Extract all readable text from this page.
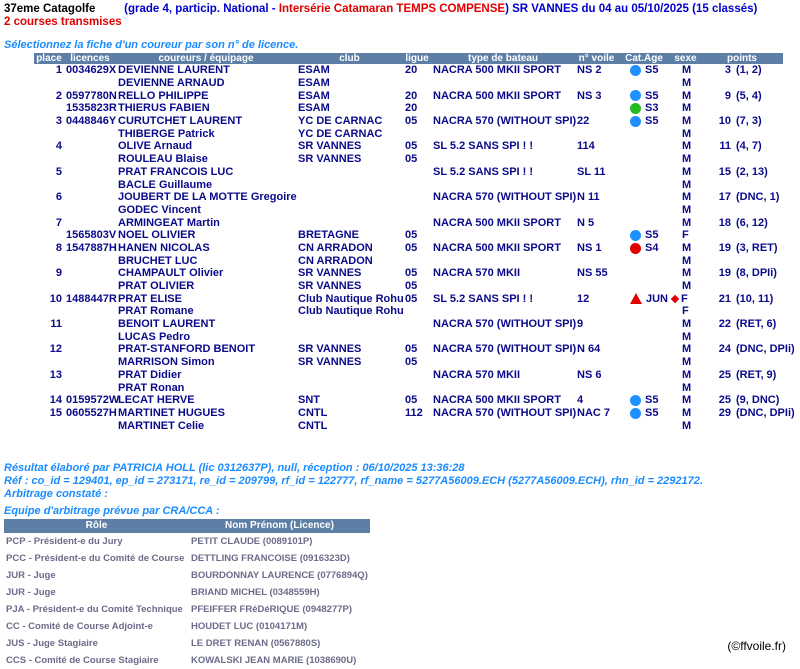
37eme Catagolfe	(grade 4, particip. National - Intersérie Catamaran TEMPS COMPENSE) SR VANNES du 04 au 05/10/2025 (15 classés)
2 courses transmises
Sélectionnez la fiche d'un coureur par son n° de licence.
place	licences	coureurs / équipage	club	ligue	type de bateau	n° voile	Cat.Age	sexe	points
1	0034629X	DEVIENNE LAURENT	ESAM	20	NACRA 500 MKII SPORT	NS 2	S5	M	3 (1, 2)
		DEVIENNE ARNAUD	ESAM					M	
2	0597780N	RELLO PHILIPPE	ESAM	20	NACRA 500 MKII SPORT	NS 3	S5	M	9 (5, 4)
	1535823R	THIERUS FABIEN	ESAM	20			S3	M	
3	0448846Y	CURUTCHET LAURENT	YC DE CARNAC	05	NACRA 570 (WITHOUT SPI)	22	S5	M	10 (7, 3)
		THIBERGE Patrick	YC DE CARNAC					M	
4		OLIVE Arnaud	SR VANNES	05	SL 5.2 SANS SPI ! !	114		M	11 (4, 7)
		ROULEAU Blaise	SR VANNES	05				M	
5		PRAT FRANCOIS LUC			SL 5.2 SANS SPI ! !	SL 11		M	15 (2, 13)
		BACLE Guillaume						M	
6		JOUBERT DE LA MOTTE Gregoire			NACRA 570 (WITHOUT SPI)	N 11		M	17 (DNC, 1)
		GODEC Vincent						M	
7		ARMINGEAT Martin			NACRA 500 MKII SPORT	N 5		M	18 (6, 12)
	1565803V	NOEL OLIVIER	BRETAGNE	05			S5	F	
8	1547887H	HANEN NICOLAS	CN ARRADON	05	NACRA 500 MKII SPORT	NS 1	S4	M	19 (3, RET)
		BRUCHET LUC	CN ARRADON					M	
9		CHAMPAULT Olivier	SR VANNES	05	NACRA 570 MKII	NS 55		M	19 (8, DPIi)
		PRAT OLIVIER	SR VANNES	05				M	
10	1488447R	PRAT ELISE	Club Nautique Rohu	05	SL 5.2 SANS SPI ! !	12	JUN	F	21 (10, 11)
		PRAT Romane	Club Nautique Rohu					F	
11		BENOIT LAURENT			NACRA 570 (WITHOUT SPI)	9		M	22 (RET, 6)
		LUCAS Pedro						M	
12		PRAT-STANFORD BENOIT	SR VANNES	05	NACRA 570 (WITHOUT SPI)	N 64		M	24 (DNC, DPIi)
		MARRISON Simon	SR VANNES	05				M	
13		PRAT Didier			NACRA 570 MKII	NS 6		M	25 (RET, 9)
		PRAT Ronan						M	
14	0159572W	LECAT HERVE	SNT	05	NACRA 500 MKII SPORT	4	S5	M	25 (9, DNC)
15	0605527H	MARTINET HUGUES	CNTL	112	NACRA 570 (WITHOUT SPI)	NAC 7	S5	M	29 (DNC, DPIi)
		MARTINET Celie	CNTL					M	
Résultat élaboré par PATRICIA HOLL (lic 0312637P), null, réception : 06/10/2025 13:36:28
Réf : co_id = 129401, ep_id = 273171, re_id = 209799, rf_id = 122777, rf_name = 5277A56009.ECH (5277A56009.ECH), rhn_id = 2292172.
Arbitrage constaté :
Equipe d'arbitrage prévue par CRA/CCA :
Rôle	Nom Prénom (Licence)
PCP - Président-e du Jury	PETIT CLAUDE (0089101P)
PCC - Président-e du Comité de Course	DETTLING FRANCOISE (0916323D)
JUR - Juge	BOURDONNAY LAURENCE (0776894Q)
JUR - Juge	BRIAND MICHEL (0348559H)
PJA - Président-e du Comité Technique	PFEIFFER FRéDéRIQUE (0948277P)
CC - Comité de Course Adjoint-e	HOUDET LUC (0104171M)
JUS - Juge Stagiaire	LE DRET RENAN (0567880S)
CCS - Comité de Course Stagiaire	KOWALSKI JEAN MARIE (1038690U)
(©ffvoile.fr)
